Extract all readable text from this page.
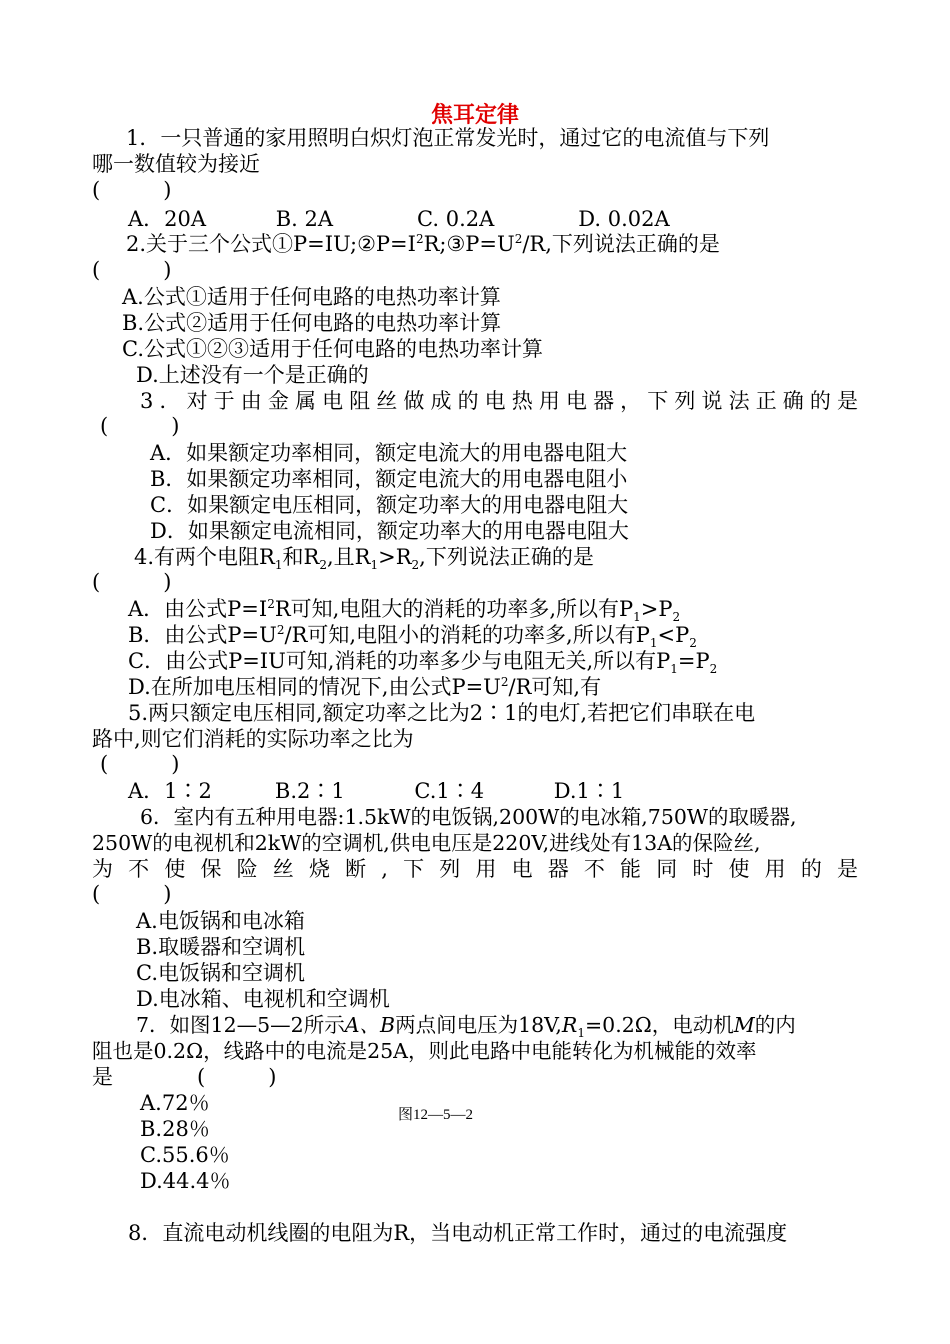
焦耳定律
1．一只普通的家用照明白炽灯泡正常发光时，通过它的电流值与下列
哪一数值较为接近
(　　　)
A．20A　　　 B. 2A　　　　C. 0.2A　　　　D. 0.02A
2.关于三个公式$①P=IU;②P=I^2R;③P=U^2/R$,下列说法正确的是
(　　　)
A.公式①适用于任何电路的电热功率计算
B.公式②适用于任何电路的电热功率计算
C.公式①②③适用于任何电路的电热功率计算
D.上述没有一个是正确的
3．对于由金属电阻丝做成的电热用电器，下列说法正确的是
(　　　)
A．如果额定功率相同，额定电流大的用电器电阻大
B．如果额定功率相同，额定电流大的用电器电阻小
C．如果额定电压相同，额定功率大的用电器电阻大
D．如果额定电流相同，额定功率大的用电器电阻大
4.有两个电阻$R_1$和$R_2$,且$R_1>R_2$,下列说法正确的是
(　　　)
A．由公式$P=I^2R$可知,电阻大的消耗的功率多,所以有$P_1>P_2$
B．由公式$P=U^2/R$可知,电阻小的消耗的功率多,所以有$P_1<P_2$
C．由公式P=IU可知,消耗的功率多少与电阻无关,所以有$P_1=P_2$
D.在所加电压相同的情况下,由公式$P=U^2/R$可知,有
5.两只额定电压相同,额定功率之比为2∶1的电灯,若把它们串联在电
路中,则它们消耗的实际功率之比为
(　　　)
A．1∶2　　　B.2∶1　　　 C.1∶4　　　 D.1∶1
6．室内有五种用电器:1.5kW的电饭锅,200W的电冰箱,750W的取暖器,
250W的电视机和2kW的空调机,供电电压是220V,进线处有13A的保险丝,
为不使保险丝烧断,下列用电器不能同时使用的是
(　　　)
A.电饭锅和电冰箱
B.取暖器和空调机
C.电饭锅和空调机
D.电冰箱、电视机和空调机
7．如图12—5—2所示A、B两点间电压为$18V,R_1=0.2\Omega$，电动机M的内
阻也是0.2Ω，线路中的电流是25A，则此电路中电能转化为机械能的效率
是　　　　(　　　)
A.72％
B.28％
C.55.6％
D.44.4％
图12—5—2
8．直流电动机线圈的电阻为R，当电动机正常工作时，通过的电流强度
